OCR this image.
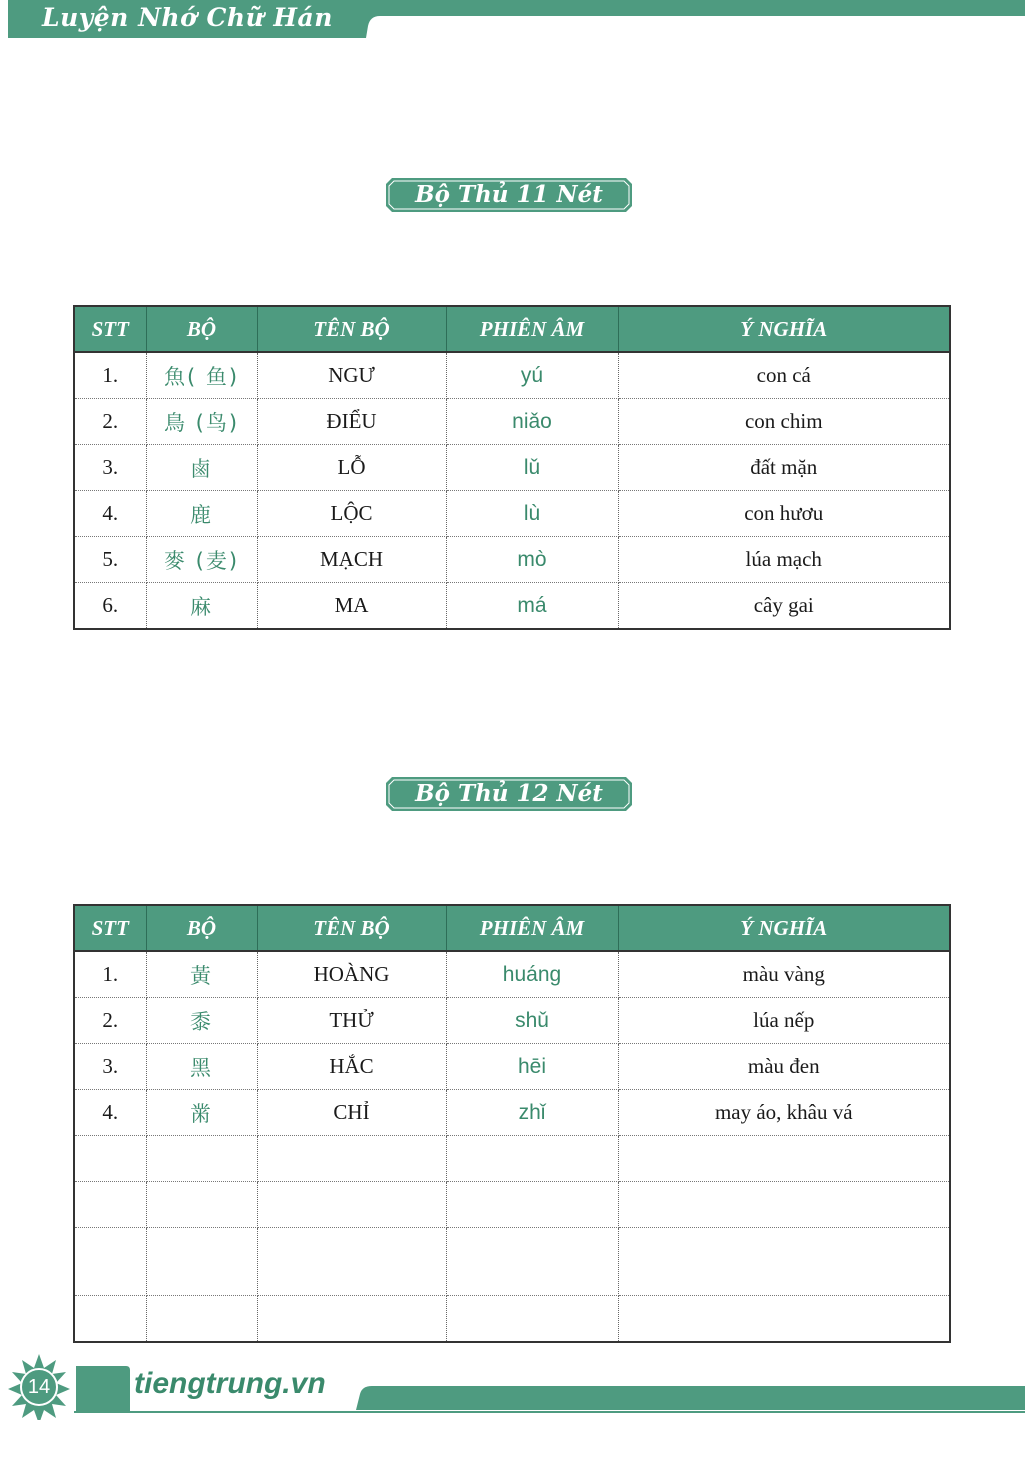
Luyện Nhớ Chữ Hán
Bộ Thủ 11 Nét
STT	BỘ	TÊN BỘ	PHIÊN ÂM	Ý NGHĨA
1.	魚( 鱼)	NGƯ	yú	con cá
2.	鳥 (鸟)	ĐIỂU	niǎo	con chim
3.	鹵	LỖ	lǔ	đất mặn
4.	鹿	LỘC	lù	con hươu
5.	麥 (麦)	MẠCH	mò	lúa mạch
6.	麻	MA	má	cây gai
Bộ Thủ 12 Nét
STT	BỘ	TÊN BỘ	PHIÊN ÂM	Ý NGHĨA
1.	黃	HOÀNG	huáng	màu vàng
2.	黍	THỬ	shǔ	lúa nếp
3.	黑	HẮC	hēi	màu đen
4.	黹	CHỈ	zhǐ	may áo, khâu vá

14	tiengtrung.vn
